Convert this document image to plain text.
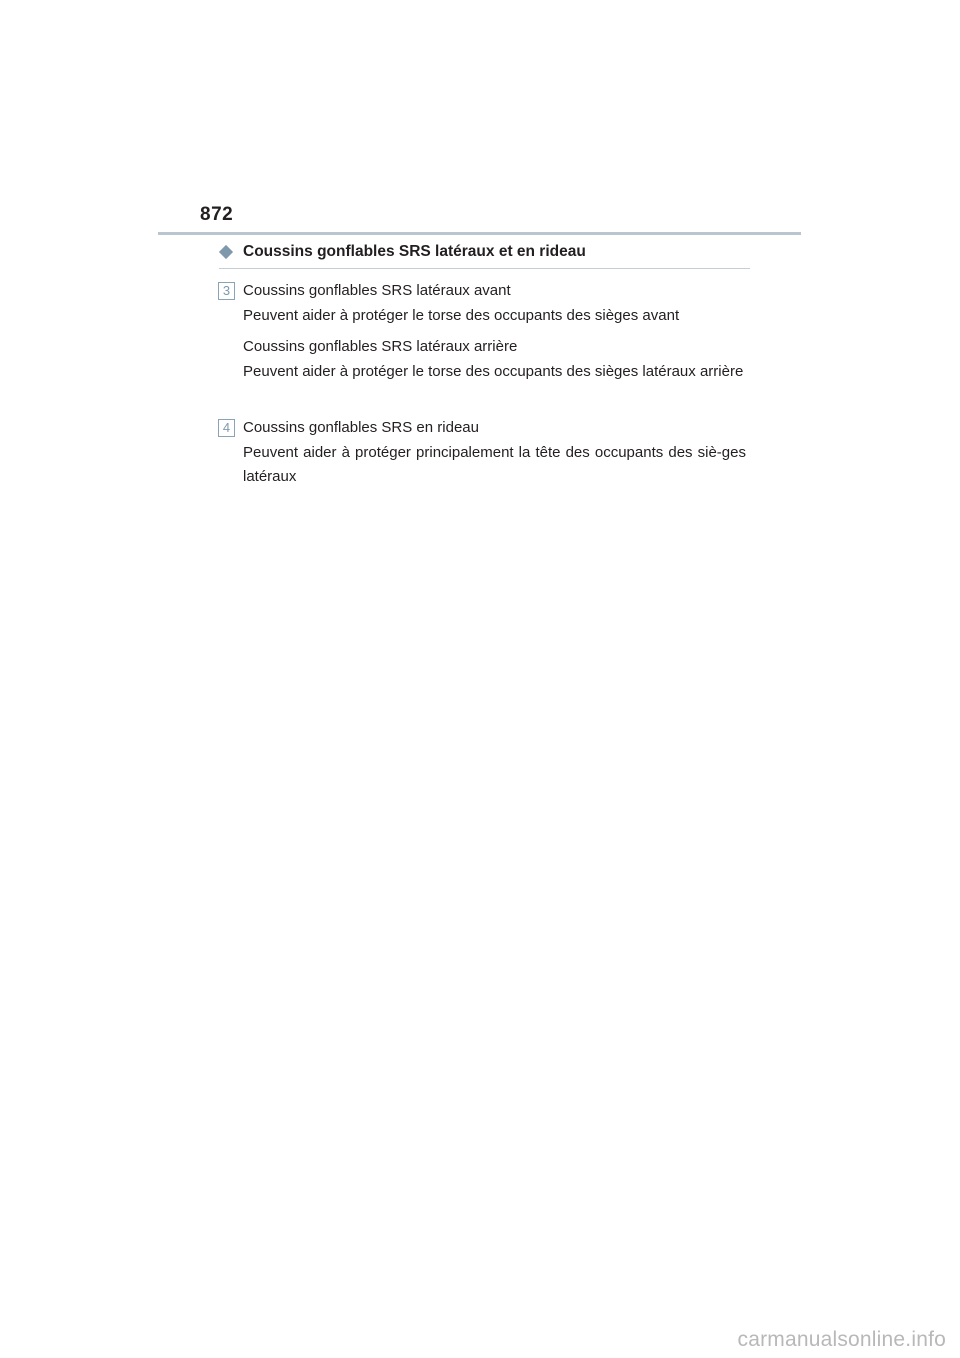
872
Coussins gonflables SRS latéraux et en rideau
3 Coussins gonflables SRS latéraux avant
Peuvent aider à protéger le torse des occupants des sièges avant
Coussins gonflables SRS latéraux arrière
Peuvent aider à protéger le torse des occupants des sièges latéraux arrière
4 Coussins gonflables SRS en rideau
Peuvent aider à protéger principalement la tête des occupants des siè-ges latéraux
carmanualsonline.info
